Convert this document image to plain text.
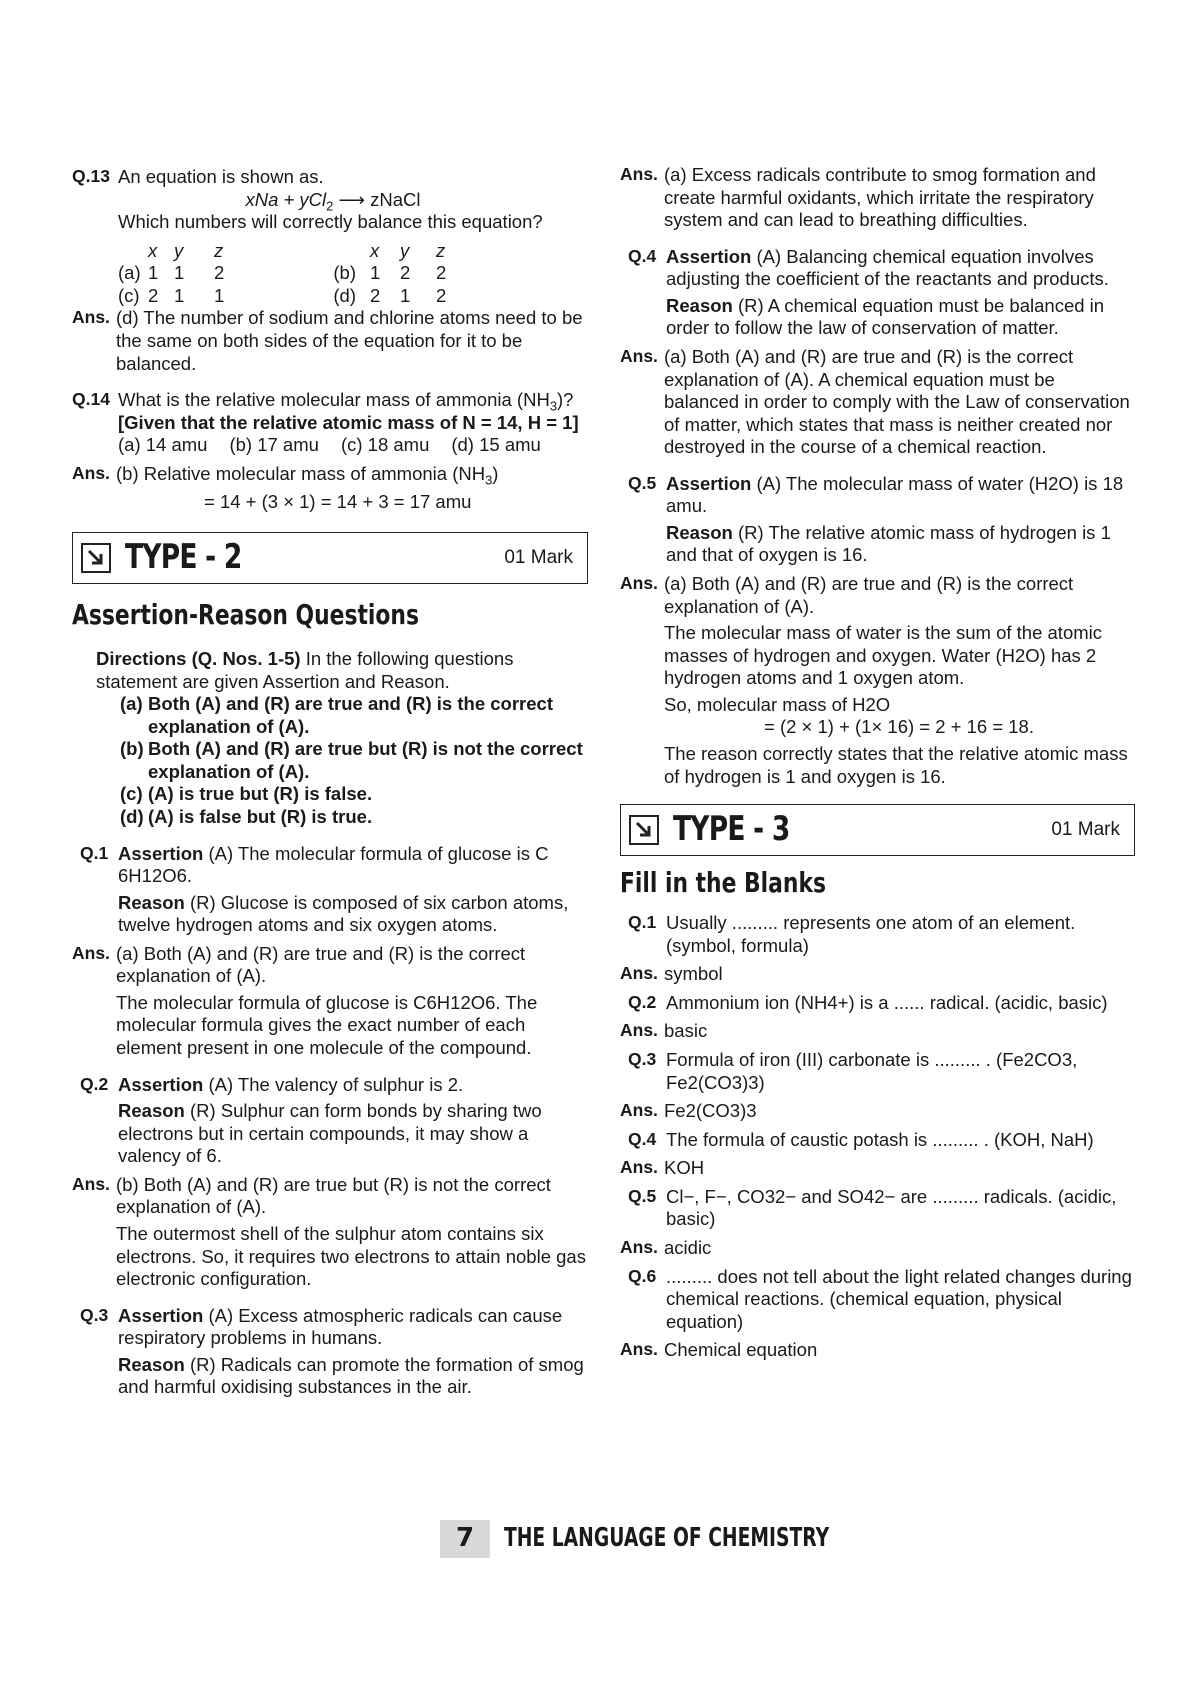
Q.13 An equation is shown as.
xNa + yCl$_2$ ⟶ zNaCl
Which numbers will correctly balance this equation?
x y	z	x	y	z
(a) 1 1	2	(b) 1	2	2
(c) 2 1	1	(d) 2	1	2
Ans. (d) The number of sodium and chlorine atoms need to be the same on both sides of the equation for it to be balanced.
Q.14 What is the relative molecular mass of ammonia $(NH_3)$?
[Given that the relative atomic mass of N = 14, H = 1]
(a) 14 amu (b) 17 amu (c) 18 amu (d) 15 amu
Ans. (b) Relative molecular mass of ammonia $(NH_3)$
= 14 + (3 × 1) = 14 + 3 = 17 amu
TYPE - 2	01 Mark
Assertion-Reason Questions
Directions (Q. Nos. 1-5) In the following questions statement are given Assertion and Reason.
(a) Both (A) and (R) are true and (R) is the correct explanation of (A).
(b) Both (A) and (R) are true but (R) is not the correct explanation of (A).
(c) (A) is true but (R) is false.
(d) (A) is false but (R) is true.
Q.1 Assertion (A) The molecular formula of glucose is C
6H12O6.
Reason (R) Glucose is composed of six carbon atoms, twelve hydrogen atoms and six oxygen atoms.
Ans. (a) Both (A) and (R) are true and (R) is the correct explanation of (A).
The molecular formula of glucose is C6H12O6. The molecular formula gives the exact number of each element present in one molecule of the compound.
Q.2 Assertion (A) The valency of sulphur is 2.
Reason (R) Sulphur can form bonds by sharing two electrons but in certain compounds, it may show a valency of 6.
Ans. (b) Both (A) and (R) are true but (R) is not the correct explanation of (A).
The outermost shell of the sulphur atom contains six electrons. So, it requires two electrons to attain noble gas electronic configuration.
Q.3 Assertion (A) Excess atmospheric radicals can cause respiratory problems in humans.
Reason (R) Radicals can promote the formation of smog and harmful oxidising substances in the air.
Ans. (a) Excess radicals contribute to smog formation and create harmful oxidants, which irritate the respiratory system and can lead to breathing difficulties.
Q.4 Assertion (A) Balancing chemical equation involves adjusting the coefficient of the reactants and products.
Reason (R) A chemical equation must be balanced in order to follow the law of conservation of matter.
Ans. (a) Both (A) and (R) are true and (R) is the correct explanation of (A). A chemical equation must be balanced in order to comply with the Law of conservation of matter, which states that mass is neither created nor destroyed in the course of a chemical reaction.
Q.5 Assertion (A) The molecular mass of water (H2O) is 18 amu.
Reason (R) The relative atomic mass of hydrogen is 1 and that of oxygen is 16.
Ans. (a) Both (A) and (R) are true and (R) is the correct explanation of (A).
The molecular mass of water is the sum of the atomic masses of hydrogen and oxygen. Water (H2O) has 2 hydrogen atoms and 1 oxygen atom.
So, molecular mass of H2O
= (2 × 1) + (1× 16) = 2 + 16 = 18.
The reason correctly states that the relative atomic mass of hydrogen is 1 and oxygen is 16.
TYPE - 3	01 Mark
Fill in the Blanks
Q.1 Usually ......... represents one atom of an element. (symbol, formula)
Ans. symbol
Q.2 Ammonium ion (NH4+) is a ...... radical. (acidic, basic)
Ans. basic
Q.3 Formula of iron (III) carbonate is ......... . (Fe2CO3, Fe2(CO3)3)
Ans. Fe2(CO3)3
Q.4 The formula of caustic potash is ......... . (KOH, NaH)
Ans. KOH
Q.5 Cl−, F−, CO32− and SO42− are ......... radicals. (acidic, basic)
Ans. acidic
Q.6 ......... does not tell about the light related changes during chemical reactions. (chemical equation, physical equation)
Ans. Chemical equation
7	THE LANGUAGE OF CHEMISTRY
